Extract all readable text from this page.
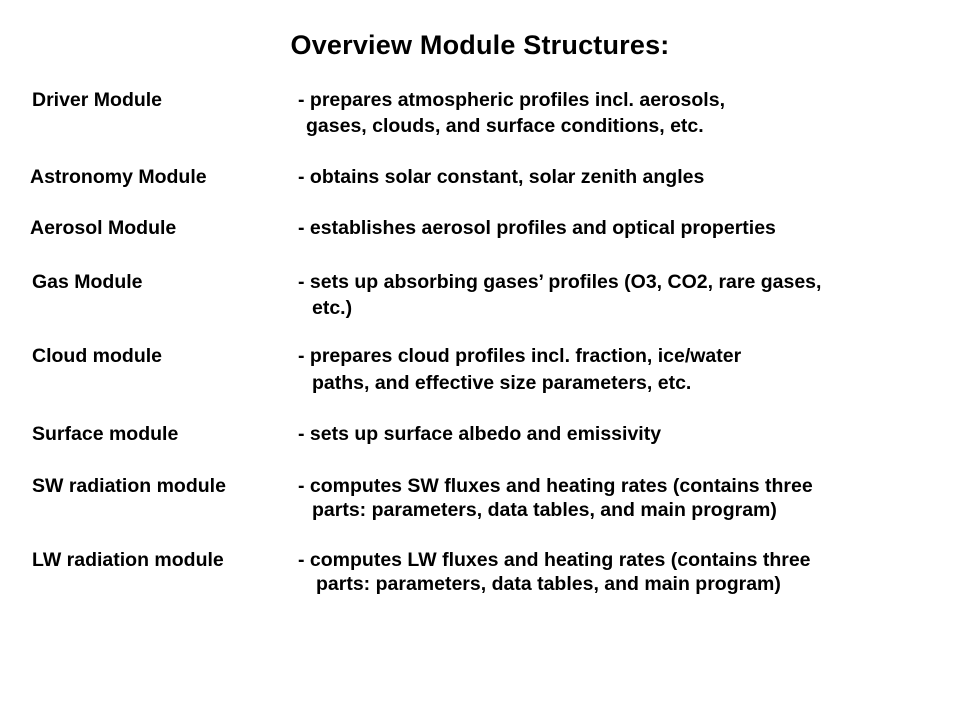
Overview Module Structures:
Driver Module	- prepares atmospheric profiles incl. aerosols,
gases, clouds, and surface conditions, etc.
Astronomy Module	- obtains solar constant, solar zenith angles
Aerosol Module	- establishes aerosol profiles and optical properties
Gas Module	- sets up absorbing gases’ profiles (O3, CO2, rare gases,
etc.)
Cloud module	- prepares cloud profiles incl. fraction, ice/water
paths, and effective size parameters, etc.
Surface module	- sets up surface albedo and emissivity
SW radiation module	- computes SW fluxes and heating rates (contains three
parts: parameters, data tables, and main program)
LW radiation module	- computes LW fluxes and heating rates (contains three
parts: parameters, data tables, and main program)
